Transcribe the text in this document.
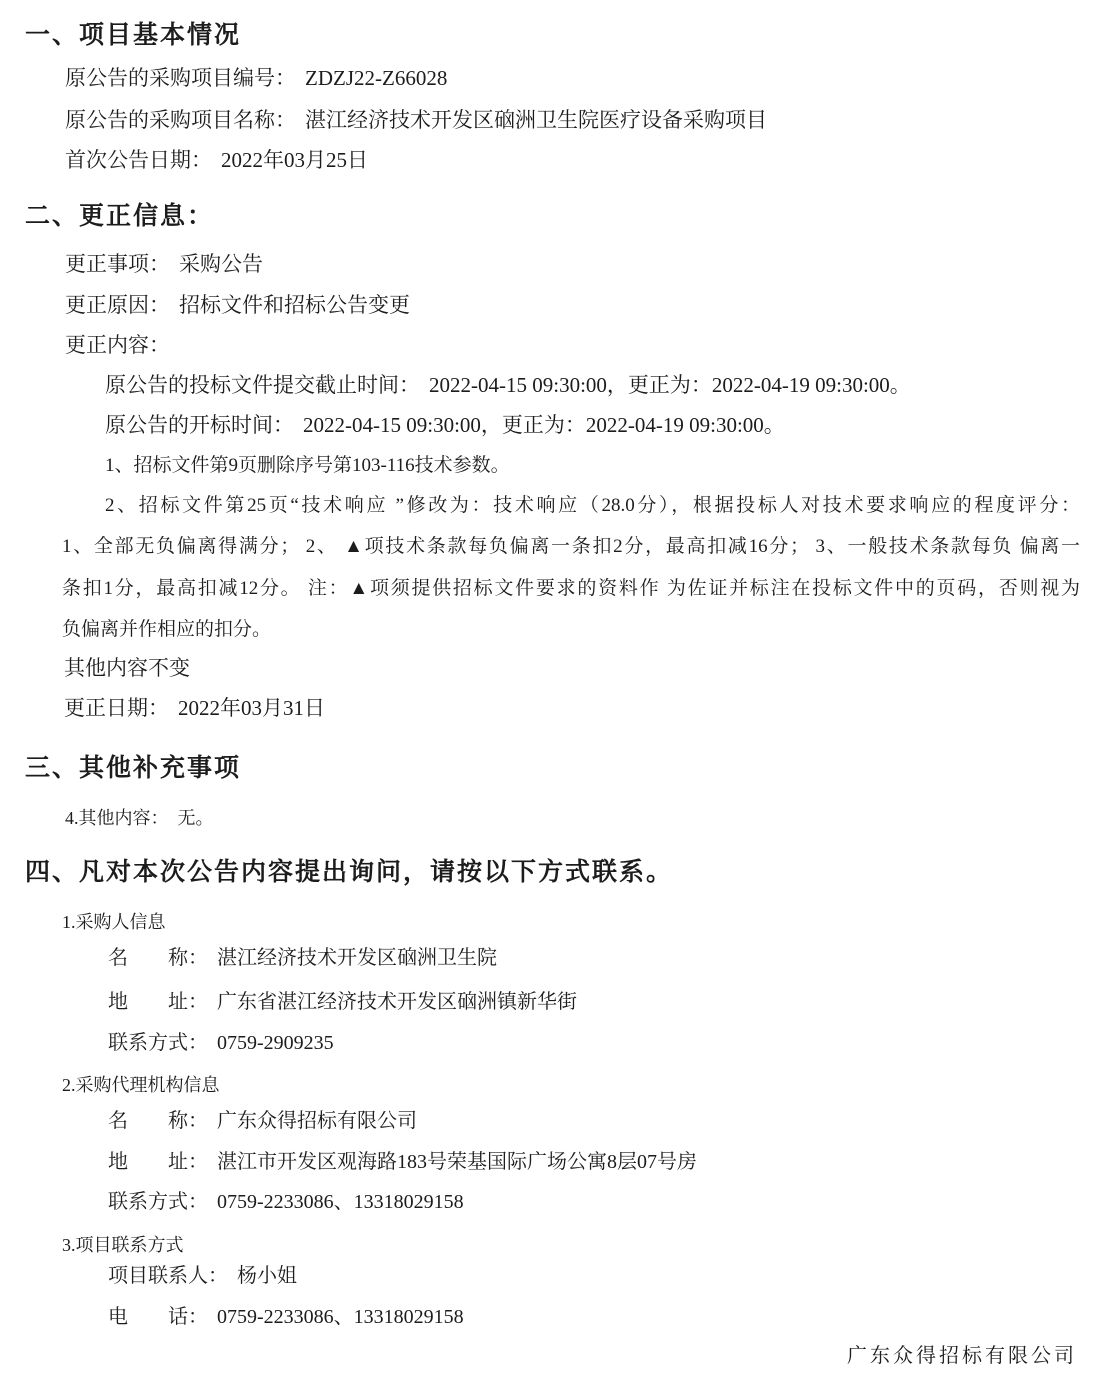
一、项目基本情况
原公告的采购项目编号： ZDZJ22-Z66028
原公告的采购项目名称： 湛江经济技术开发区硇洲卫生院医疗设备采购项目
首次公告日期： 2022年03月25日
二、更正信息：
更正事项： 采购公告
更正原因： 招标文件和招标公告变更
更正内容：
原公告的投标文件提交截止时间： 2022-04-15 09:30:00，更正为：2022-04-19 09:30:00。
原公告的开标时间： 2022-04-15 09:30:00，更正为：2022-04-19 09:30:00。
1、招标文件第9页删除序号第103-116技术参数。
2、招标文件第25页“技术响应 ”修改为：技术响应（28.0分），根据投标人对技术要求响应的程度评分：
1、全部无负偏离得满分； 2、 ▲项技术条款每负偏离一条扣2分，最高扣减16分； 3、一般技术条款每负 偏离一
条扣1分，最高扣减12分。 注：▲项须提供招标文件要求的资料作 为佐证并标注在投标文件中的页码，否则视为
负偏离并作相应的扣分。
其他内容不变
更正日期： 2022年03月31日
三、其他补充事项
4.其他内容： 无。
四、凡对本次公告内容提出询问，请按以下方式联系。
1.采购人信息
名　　称： 湛江经济技术开发区硇洲卫生院
地　　址： 广东省湛江经济技术开发区硇洲镇新华街
联系方式： 0759-2909235
2.采购代理机构信息
名　　称： 广东众得招标有限公司
地　　址： 湛江市开发区观海路183号荣基国际广场公寓8层07号房
联系方式： 0759-2233086、13318029158
3.项目联系方式
项目联系人： 杨小姐
电　　话： 0759-2233086、13318029158
广东众得招标有限公司
